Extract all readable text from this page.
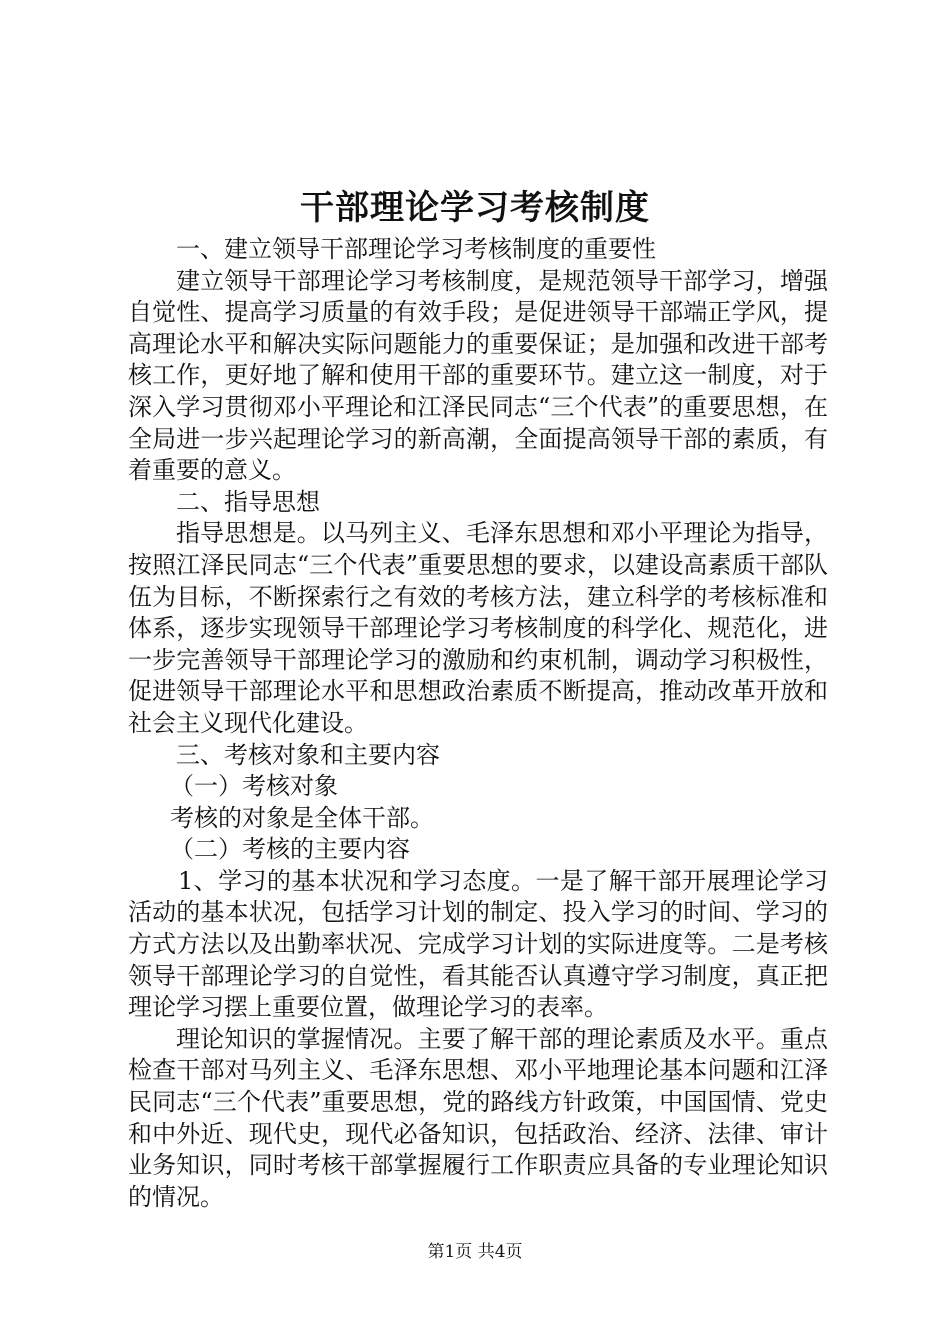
干部理论学习考核制度

一、建立领导干部理论学习考核制度的重要性

建立领导干部理论学习考核制度，是规范领导干部学习，增强自觉性、提高学习质量的有效手段；是促进领导干部端正学风，提高理论水平和解决实际问题能力的重要保证；是加强和改进干部考核工作，更好地了解和使用干部的重要环节。建立这一制度，对于深入学习贯彻邓小平理论和江泽民同志“三个代表”的重要思想，在全局进一步兴起理论学习的新高潮，全面提高领导干部的素质，有着重要的意义。

二、指导思想

指导思想是。以马列主义、毛泽东思想和邓小平理论为指导，按照江泽民同志“三个代表”重要思想的要求，以建设高素质干部队伍为目标，不断探索行之有效的考核方法，建立科学的考核标准和体系，逐步实现领导干部理论学习考核制度的科学化、规范化，进一步完善领导干部理论学习的激励和约束机制，调动学习积极性，促进领导干部理论水平和思想政治素质不断提高，推动改革开放和社会主义现代化建设。

三、考核对象和主要内容

（一）考核对象

考核的对象是全体干部。

（二）考核的主要内容

1、学习的基本状况和学习态度。一是了解干部开展理论学习活动的基本状况，包括学习计划的制定、投入学习的时间、学习的方式方法以及出勤率状况、完成学习计划的实际进度等。二是考核领导干部理论学习的自觉性，看其能否认真遵守学习制度，真正把理论学习摆上重要位置，做理论学习的表率。

理论知识的掌握情况。主要了解干部的理论素质及水平。重点检查干部对马列主义、毛泽东思想、邓小平地理论基本问题和江泽民同志“三个代表”重要思想，党的路线方针政策，中国国情、党史和中外近、现代史，现代必备知识，包括政治、经济、法律、审计业务知识，同时考核干部掌握履行工作职责应具备的专业理论知识的情况。

第1页 共4页
